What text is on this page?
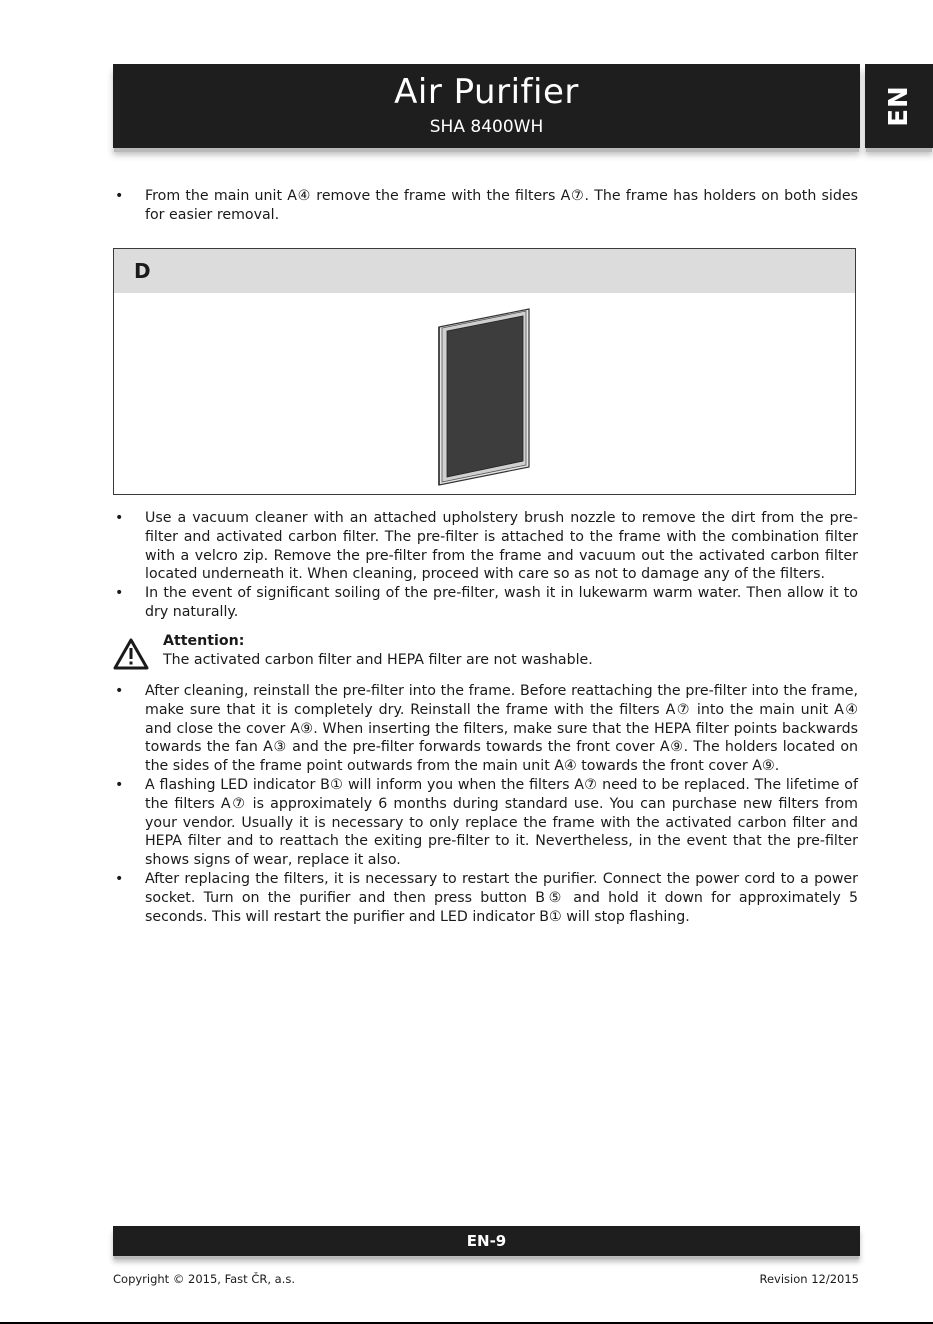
Air Purifier
SHA 8400WH
EN
• From the main unit A④ remove the frame with the filters A⑦. The frame has holders on both sides for easier removal.
D
• Use a vacuum cleaner with an attached upholstery brush nozzle to remove the dirt from the pre-filter and activated carbon filter. The pre-filter is attached to the frame with the combination filter with a velcro zip. Remove the pre-filter from the frame and vacuum out the activated carbon filter located underneath it. When cleaning, proceed with care so as not to damage any of the filters.
• In the event of significant soiling of the pre-filter, wash it in lukewarm warm water. Then allow it to dry naturally.
Attention:
The activated carbon filter and HEPA filter are not washable.
• After cleaning, reinstall the pre-filter into the frame. Before reattaching the pre-filter into the frame, make sure that it is completely dry. Reinstall the frame with the filters A⑦ into the main unit A④ and close the cover A⑨. When inserting the filters, make sure that the HEPA filter points backwards towards the fan A③ and the pre-filter forwards towards the front cover A⑨. The holders located on the sides of the frame point outwards from the main unit A④ towards the front cover A⑨.
• A flashing LED indicator B① will inform you when the filters A⑦ need to be replaced. The lifetime of the filters A⑦ is approximately 6 months during standard use. You can purchase new filters from your vendor. Usually it is necessary to only replace the frame with the activated carbon filter and HEPA filter and to reattach the exiting pre-filter to it. Nevertheless, in the event that the pre-filter shows signs of wear, replace it also.
• After replacing the filters, it is necessary to restart the purifier. Connect the power cord to a power socket. Turn on the purifier and then press button B⑤ and hold it down for approximately 5 seconds. This will restart the purifier and LED indicator B① will stop flashing.
EN-9
Copyright © 2015, Fast ČR, a.s.	Revision 12/2015
